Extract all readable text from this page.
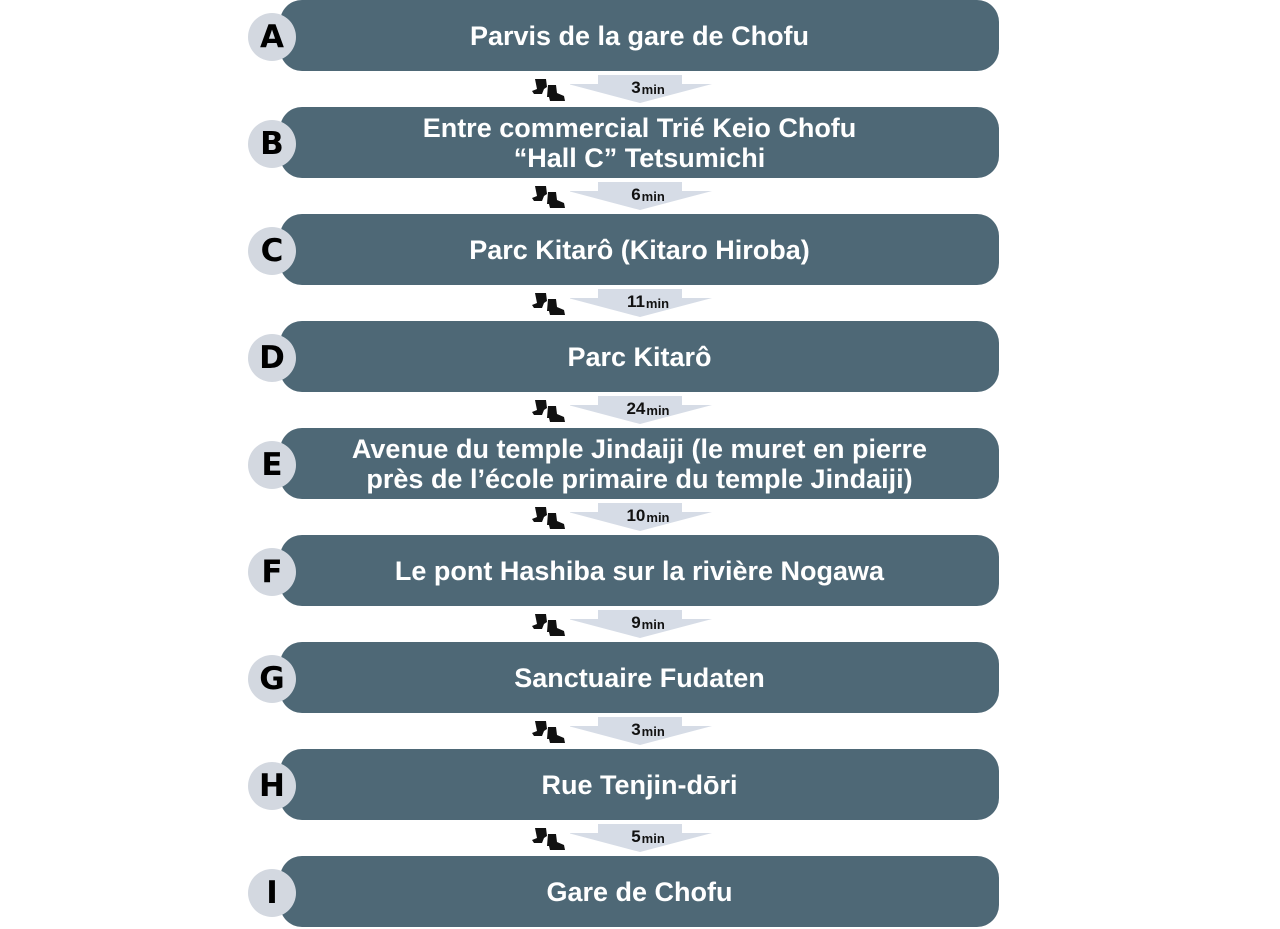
Parvis de la gare de Chofu
A
Entre commercial Trié Keio Chofu
“Hall C” Tetsumichi
B
Parc Kitarô (Kitaro Hiroba)
C
Parc Kitarô
D
Avenue du temple Jindaiji (le muret en pierre
près de l’école primaire du temple Jindaiji)
E
Le pont Hashiba sur la rivière Nogawa
F
Sanctuaire Fudaten
G
Rue Tenjin-dōri
H
Gare de Chofu
I
3 min
6 min
11 min
24 min
10 min
9 min
3 min
5 min
